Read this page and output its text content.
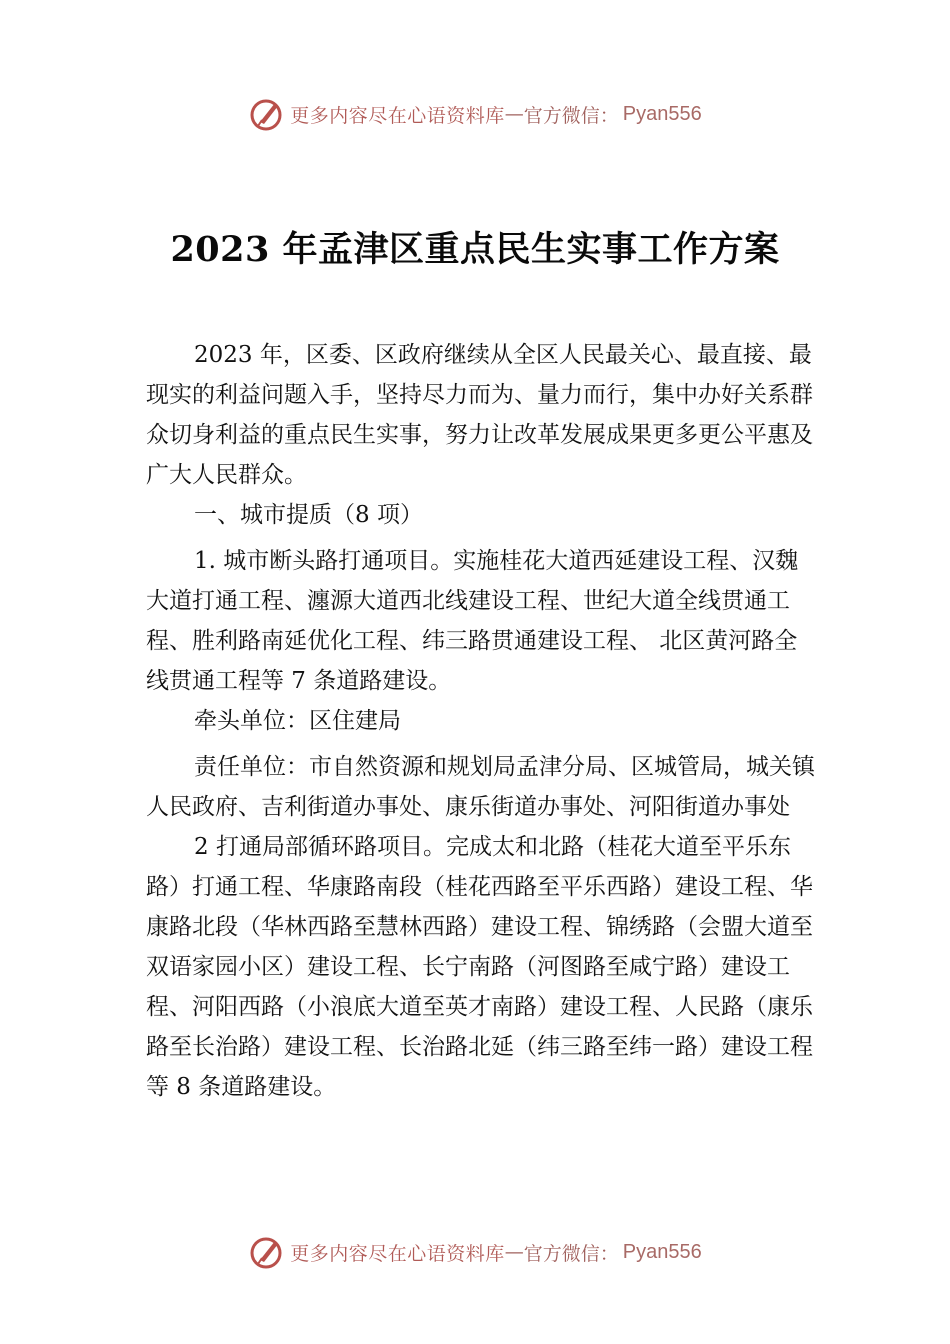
更多内容尽在心语资料库 — 官方微信： Pyan556
2023 年孟津区重点民生实事工作方案

2023 年，区委、区政府继续从全区人民最关心、最直接、最现实的利益问题入手，坚持尽力而为、量力而行，集中办好关系群众切身利益的重点民生实事，努力让改革发展成果更多更公平惠及广大人民群众。

一、城市提质（8 项）

1. 城市断头路打通项目。实施桂花大道西延建设工程、汉魏大道打通工程、瀍源大道西北线建设工程、世纪大道全线贯通工程、胜利路南延优化工程、纬三路贯通建设工程、 北区黄河路全线贯通工程等 7 条道路建设。

牵头单位：区住建局

责任单位：市自然资源和规划局孟津分局、区城管局，城关镇人民政府、吉利街道办事处、康乐街道办事处、河阳街道办事处

2 打通局部循环路项目。完成太和北路（桂花大道至平乐东路）打通工程、华康路南段（桂花西路至平乐西路）建设工程、华康路北段（华林西路至慧林西路）建设工程、锦绣路（会盟大道至双语家园小区）建设工程、长宁南路（河图路至咸宁路）建设工程、河阳西路（小浪底大道至英才南路）建设工程、人民路（康乐路至长治路）建设工程、长治路北延（纬三路至纬一路）建设工程等 8 条道路建设。

更多内容尽在心语资料库 — 官方微信： Pyan556
